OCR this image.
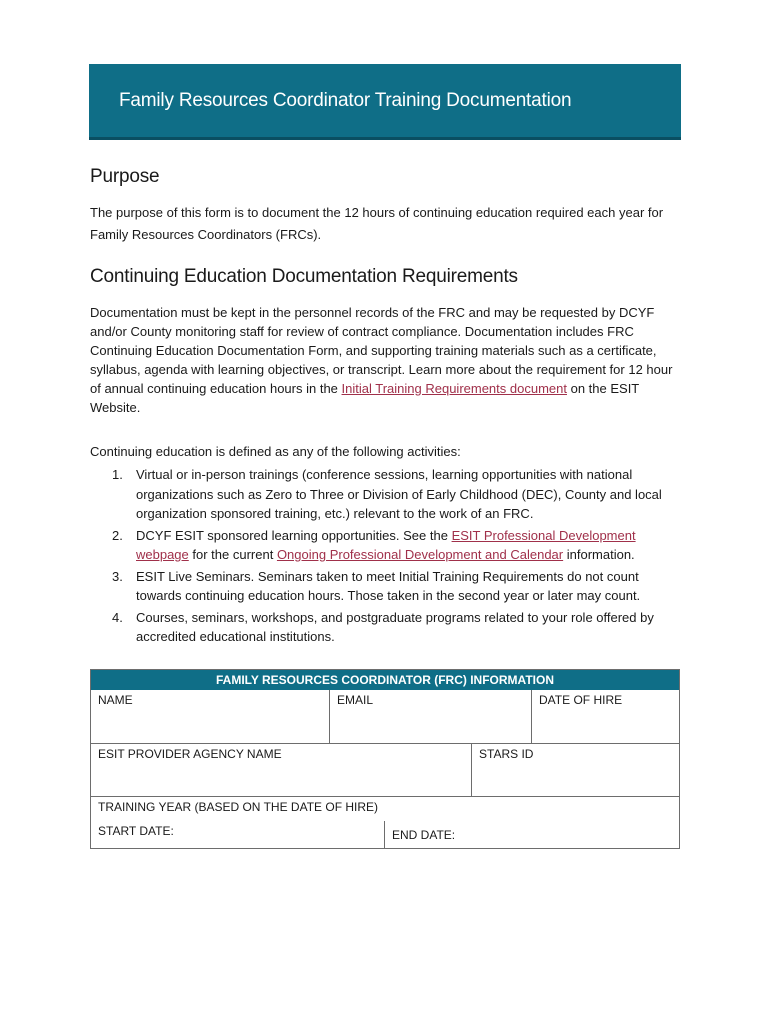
Family Resources Coordinator Training Documentation
Purpose

The purpose of this form is to document the 12 hours of continuing education required each year for Family Resources Coordinators (FRCs).

Continuing Education Documentation Requirements

Documentation must be kept in the personnel records of the FRC and may be requested by DCYF and/or County monitoring staff for review of contract compliance. Documentation includes FRC Continuing Education Documentation Form, and supporting training materials such as a certificate, syllabus, agenda with learning objectives, or transcript. Learn more about the requirement for 12 hour of annual continuing education hours in the Initial Training Requirements document on the ESIT Website.

Continuing education is defined as any of the following activities:

1. Virtual or in-person trainings (conference sessions, learning opportunities with national organizations such as Zero to Three or Division of Early Childhood (DEC), County and local organization sponsored training, etc.) relevant to the work of an FRC.
2. DCYF ESIT sponsored learning opportunities. See the ESIT Professional Development webpage for the current Ongoing Professional Development and Calendar information.
3. ESIT Live Seminars. Seminars taken to meet Initial Training Requirements do not count towards continuing education hours. Those taken in the second year or later may count.
4. Courses, seminars, workshops, and postgraduate programs related to your role offered by accredited educational institutions.
FAMILY RESOURCES COORDINATOR (FRC) INFORMATION
NAME	EMAIL	DATE OF HIRE
ESIT PROVIDER AGENCY NAME	STARS ID
TRAINING YEAR (BASED ON THE DATE OF HIRE)
START DATE:	END DATE:
